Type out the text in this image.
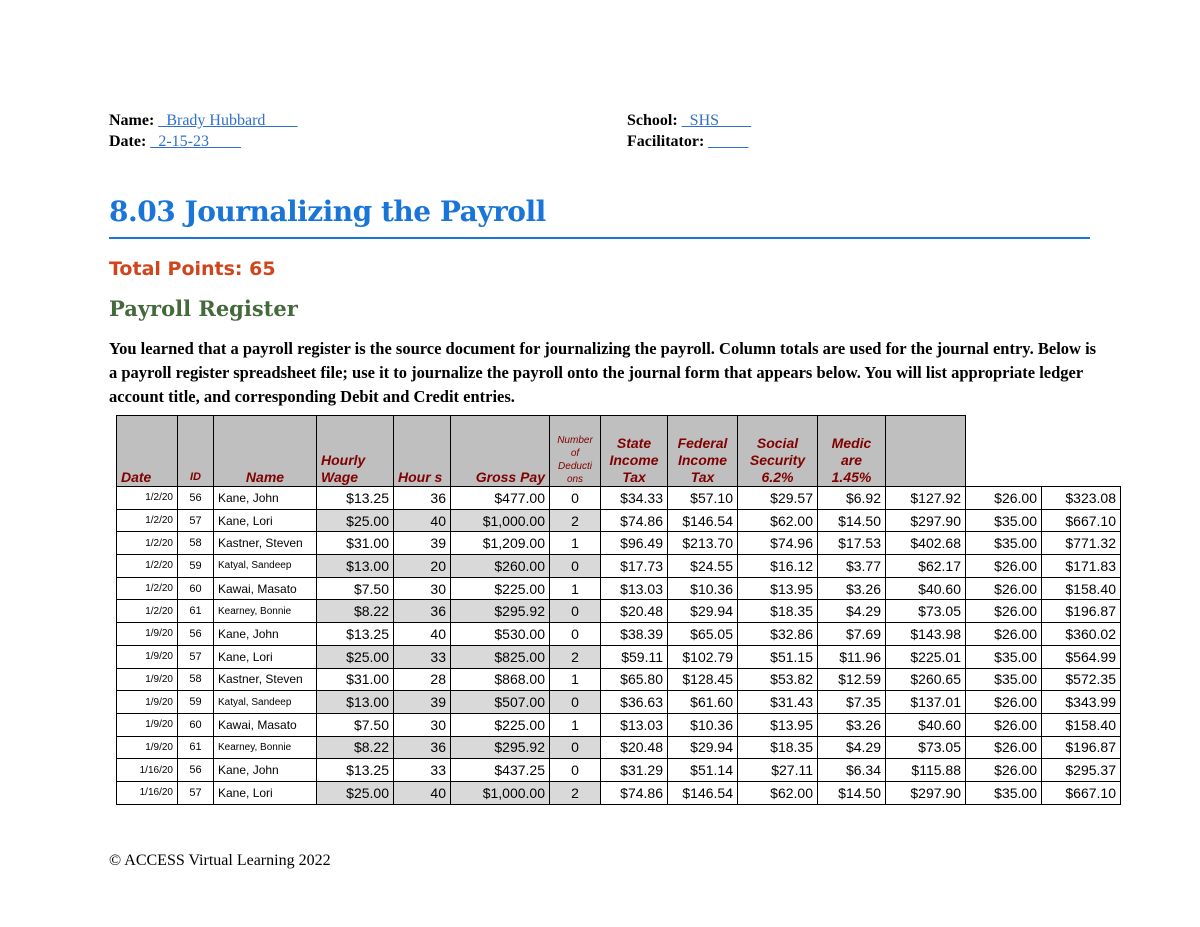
Name: _Brady Hubbard____
Date: _2-15-23____
School: _SHS____
Facilitator: _____
8.03 Journalizing the Payroll
Total Points: 65
Payroll Register
You learned that a payroll register is the source document for journalizing the payroll. Column totals are used for the journal entry. Below is a payroll register spreadsheet file; use it to journalize the payroll onto the journal form that appears below. You will list appropriate ledger account title, and corresponding Debit and Credit entries.
Date	ID	Name	Hourly Wage	Hour s	Gross Pay	Number of Deducti ons	State Income Tax	Federal Income Tax	Social Security 6.2%	Medic are 1.45%			
1/2/20	56	Kane, John	$13.25	36	$477.00	0	$34.33	$57.10	$29.57	$6.92	$127.92	$26.00	$323.08
1/2/20	57	Kane, Lori	$25.00	40	$1,000.00	2	$74.86	$146.54	$62.00	$14.50	$297.90	$35.00	$667.10
1/2/20	58	Kastner, Steven	$31.00	39	$1,209.00	1	$96.49	$213.70	$74.96	$17.53	$402.68	$35.00	$771.32
1/2/20	59	Katyal, Sandeep	$13.00	20	$260.00	0	$17.73	$24.55	$16.12	$3.77	$62.17	$26.00	$171.83
1/2/20	60	Kawai, Masato	$7.50	30	$225.00	1	$13.03	$10.36	$13.95	$3.26	$40.60	$26.00	$158.40
1/2/20	61	Kearney, Bonnie	$8.22	36	$295.92	0	$20.48	$29.94	$18.35	$4.29	$73.05	$26.00	$196.87
1/9/20	56	Kane, John	$13.25	40	$530.00	0	$38.39	$65.05	$32.86	$7.69	$143.98	$26.00	$360.02
1/9/20	57	Kane, Lori	$25.00	33	$825.00	2	$59.11	$102.79	$51.15	$11.96	$225.01	$35.00	$564.99
1/9/20	58	Kastner, Steven	$31.00	28	$868.00	1	$65.80	$128.45	$53.82	$12.59	$260.65	$35.00	$572.35
1/9/20	59	Katyal, Sandeep	$13.00	39	$507.00	0	$36.63	$61.60	$31.43	$7.35	$137.01	$26.00	$343.99
1/9/20	60	Kawai, Masato	$7.50	30	$225.00	1	$13.03	$10.36	$13.95	$3.26	$40.60	$26.00	$158.40
1/9/20	61	Kearney, Bonnie	$8.22	36	$295.92	0	$20.48	$29.94	$18.35	$4.29	$73.05	$26.00	$196.87
1/16/20	56	Kane, John	$13.25	33	$437.25	0	$31.29	$51.14	$27.11	$6.34	$115.88	$26.00	$295.37
1/16/20	57	Kane, Lori	$25.00	40	$1,000.00	2	$74.86	$146.54	$62.00	$14.50	$297.90	$35.00	$667.10
© ACCESS Virtual Learning 2022
